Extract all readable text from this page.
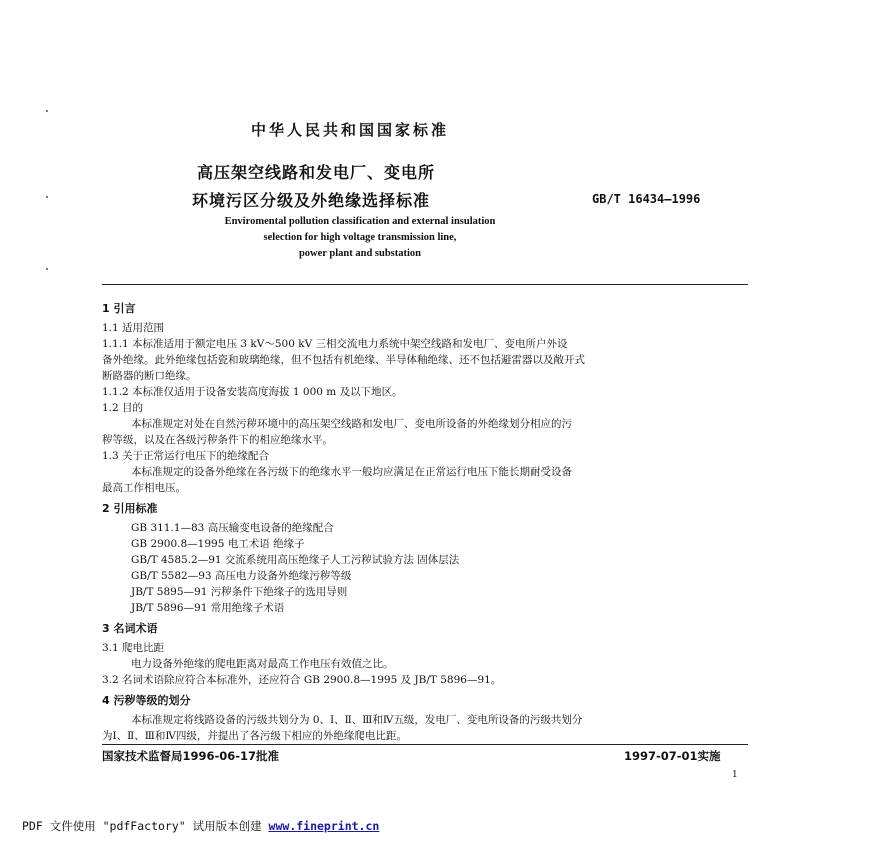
中华人民共和国国家标准
高压架空线路和发电厂、变电所
环境污区分级及外绝缘选择标准	GB/T 16434—1996
Enviromental pollution classification and external insulation
selection for high voltage transmission line,
power plant and substation
1 引言
1.1 适用范围
1.1.1 本标准适用于额定电压 3 kV～500 kV 三相交流电力系统中架空线路和发电厂、变电所户外设
备外绝缘。此外绝缘包括瓷和玻璃绝缘，但不包括有机绝缘、半导体釉绝缘、还不包括避雷器以及敞开式
断路器的断口绝缘。
1.1.2 本标准仅适用于设备安装高度海拔 1 000 m 及以下地区。
1.2 目的
本标准规定对处在自然污秽环境中的高压架空线路和发电厂、变电所设备的外绝缘划分相应的污
秽等级，以及在各级污秽条件下的相应绝缘水平。
1.3 关于正常运行电压下的绝缘配合
本标准规定的设备外绝缘在各污级下的绝缘水平一般均应满足在正常运行电压下能长期耐受设备
最高工作相电压。
2 引用标准
GB 311.1—83 高压输变电设备的绝缘配合
GB 2900.8—1995 电工术语 绝缘子
GB/T 4585.2—91 交流系统用高压绝缘子人工污秽试验方法 固体层法
GB/T 5582—93 高压电力设备外绝缘污秽等级
JB/T 5895—91 污秽条件下绝缘子的选用导则
JB/T 5896—91 常用绝缘子术语
3 名词术语
3.1 爬电比距
电力设备外绝缘的爬电距离对最高工作电压有效值之比。
3.2 名词术语除应符合本标准外，还应符合 GB 2900.8—1995 及 JB/T 5896—91。
4 污秽等级的划分
本标准规定将线路设备的污级共划分为 0、Ⅰ、Ⅱ、Ⅲ和Ⅳ五级，发电厂、变电所设备的污级共划分
为Ⅰ、Ⅱ、Ⅲ和Ⅳ四级，并提出了各污级下相应的外绝缘爬电比距。
国家技术监督局1996-06-17批准	1997-07-01实施
1
PDF 文件使用 "pdfFactory" 试用版本创建 www.fineprint.cn
